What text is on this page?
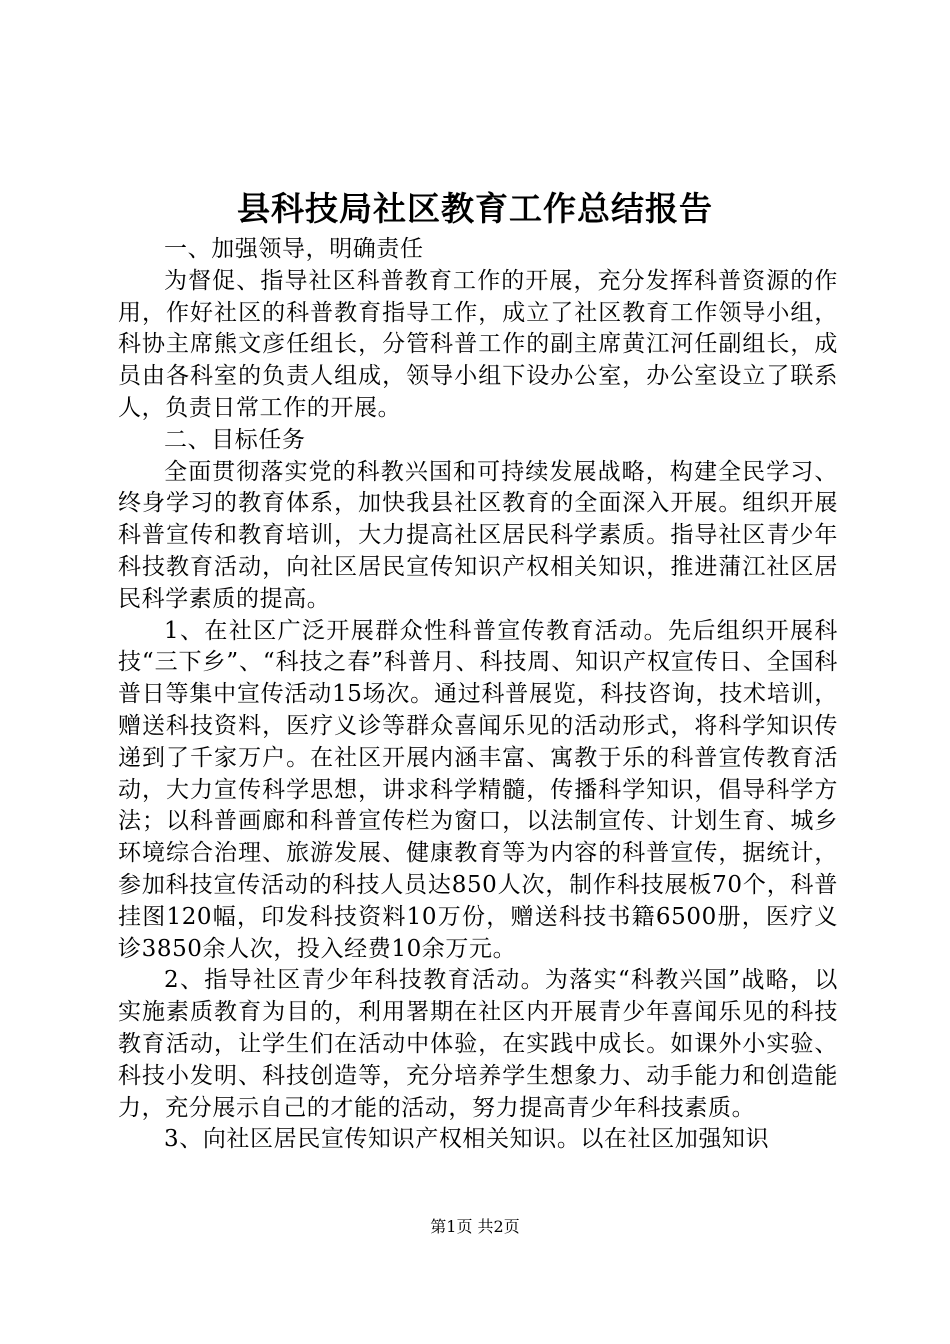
县科技局社区教育工作总结报告

一、加强领导，明确责任

为督促、指导社区科普教育工作的开展，充分发挥科普资源的作用，作好社区的科普教育指导工作，成立了社区教育工作领导小组，科协主席熊文彦任组长，分管科普工作的副主席黄江河任副组长，成员由各科室的负责人组成，领导小组下设办公室，办公室设立了联系人，负责日常工作的开展。

二、目标任务

全面贯彻落实党的科教兴国和可持续发展战略，构建全民学习、终身学习的教育体系，加快我县社区教育的全面深入开展。组织开展科普宣传和教育培训，大力提高社区居民科学素质。指导社区青少年科技教育活动，向社区居民宣传知识产权相关知识，推进蒲江社区居民科学素质的提高。

1、在社区广泛开展群众性科普宣传教育活动。先后组织开展科技“三下乡”、“科技之春”科普月、科技周、知识产权宣传日、全国科普日等集中宣传活动15场次。通过科普展览，科技咨询，技术培训，赠送科技资料，医疗义诊等群众喜闻乐见的活动形式，将科学知识传递到了千家万户。在社区开展内涵丰富、寓教于乐的科普宣传教育活动，大力宣传科学思想，讲求科学精髓，传播科学知识，倡导科学方法；以科普画廊和科普宣传栏为窗口，以法制宣传、计划生育、城乡环境综合治理、旅游发展、健康教育等为内容的科普宣传，据统计，参加科技宣传活动的科技人员达850人次，制作科技展板70个，科普挂图120幅，印发科技资料10万份，赠送科技书籍6500册，医疗义诊3850余人次，投入经费10余万元。

2、指导社区青少年科技教育活动。为落实“科教兴国”战略，以实施素质教育为目的，利用署期在社区内开展青少年喜闻乐见的科技教育活动，让学生们在活动中体验，在实践中成长。如课外小实验、科技小发明、科技创造等，充分培养学生想象力、动手能力和创造能力，充分展示自己的才能的活动，努力提高青少年科技素质。

3、向社区居民宣传知识产权相关知识。以在社区加强知识

第1页 共2页
